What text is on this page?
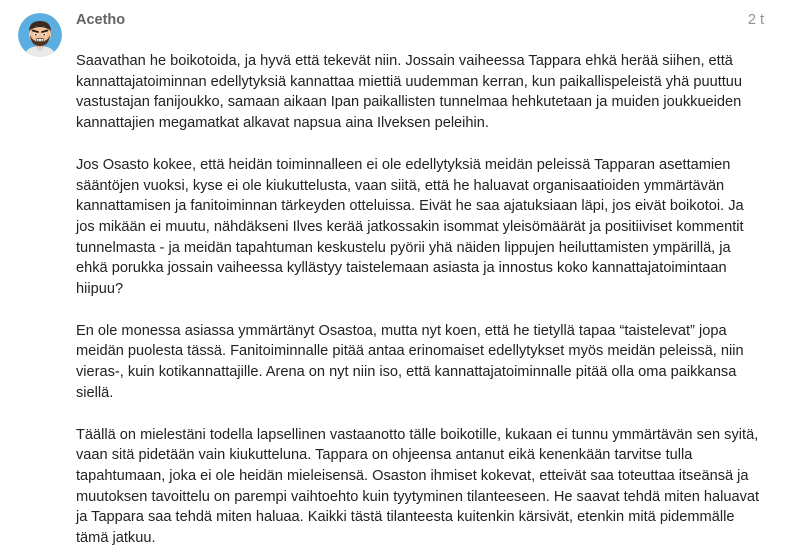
Acetho	2 t

Saavathan he boikotoida, ja hyvä että tekevät niin. Jossain vaiheessa Tappara ehkä herää siihen, että kannattajatoiminnan edellytyksiä kannattaa miettiä uudemman kerran, kun paikallispeleistä yhä puuttuu vastustajan fanijoukko, samaan aikaan Ipan paikallisten tunnelmaa hehkutetaan ja muiden joukkueiden kannattajien megamatkat alkavat napsua aina Ilveksen peleihin.

Jos Osasto kokee, että heidän toiminnalleen ei ole edellytyksiä meidän peleissä Tapparan asettamien sääntöjen vuoksi, kyse ei ole kiukuttelusta, vaan siitä, että he haluavat organisaatioiden ymmärtävän kannattamisen ja fanitoiminnan tärkeyden otteluissa. Eivät he saa ajatuksiaan läpi, jos eivät boikotoi. Ja jos mikään ei muutu, nähdäkseni Ilves kerää jatkossakin isommat yleisömäärät ja positiiviset kommentit tunnelmasta - ja meidän tapahtuman keskustelu pyörii yhä näiden lippujen heiluttamisten ympärillä, ja ehkä porukka jossain vaiheessa kyllästyy taistelemaan asiasta ja innostus koko kannattajatoimintaan hiipuu?

En ole monessa asiassa ymmärtänyt Osastoa, mutta nyt koen, että he tietyllä tapaa “taistelevat” jopa meidän puolesta tässä. Fanitoiminnalle pitää antaa erinomaiset edellytykset myös meidän peleissä, niin vieras-, kuin kotikannattajille. Arena on nyt niin iso, että kannattajatoiminnalle pitää olla oma paikkansa siellä.

Täällä on mielestäni todella lapsellinen vastaanotto tälle boikotille, kukaan ei tunnu ymmärtävän sen syitä, vaan sitä pidetään vain kiukutteluna. Tappara on ohjeensa antanut eikä kenenkään tarvitse tulla tapahtumaan, joka ei ole heidän mieleisensä. Osaston ihmiset kokevat, etteivät saa toteuttaa itseänsä ja muutoksen tavoittelu on parempi vaihtoehto kuin tyytyminen tilanteeseen. He saavat tehdä miten haluavat ja Tappara saa tehdä miten haluaa. Kaikki tästä tilanteesta kuitenkin kärsivät, etenkin mitä pidemmälle tämä jatkuu.
